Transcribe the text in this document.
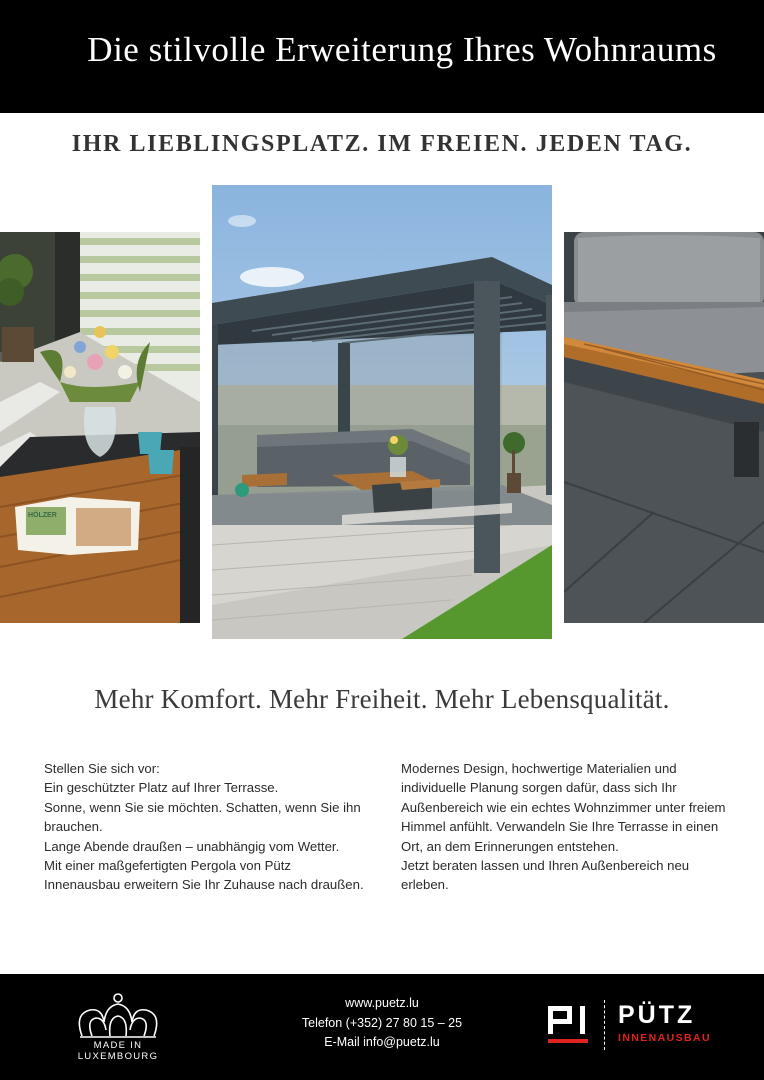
Die stilvolle Erweiterung Ihres Wohnraums
IHR LIEBLINGSPLATZ. IM FREIEN. JEDEN TAG.
HÖLZER
Mehr Komfort. Mehr Freiheit. Mehr Lebensqualität.

Stellen Sie sich vor:

Ein geschützter Platz auf Ihrer Terrasse.

Sonne, wenn Sie sie möchten. Schatten, wenn Sie ihn brauchen.

Lange Abende draußen – unabhängig vom Wetter.

Mit einer maßgefertigten Pergola von Pütz Innenausbau erweitern Sie Ihr Zuhause nach draußen.

Modernes Design, hochwertige Materialien und individuelle Planung sorgen dafür, dass sich Ihr Außenbereich wie ein echtes Wohnzimmer unter freiem Himmel anfühlt. Verwandeln Sie Ihre Terrasse in einen Ort, an dem Erinnerungen entstehen.

Jetzt beraten lassen und Ihren Außenbereich neu erleben.

MADE IN
LUXEMBOURG
www.puetz.lu
Telefon (+352) 27 80 15 – 25
E-Mail info@puetz.lu
PÜTZ
INNENAUSBAU
